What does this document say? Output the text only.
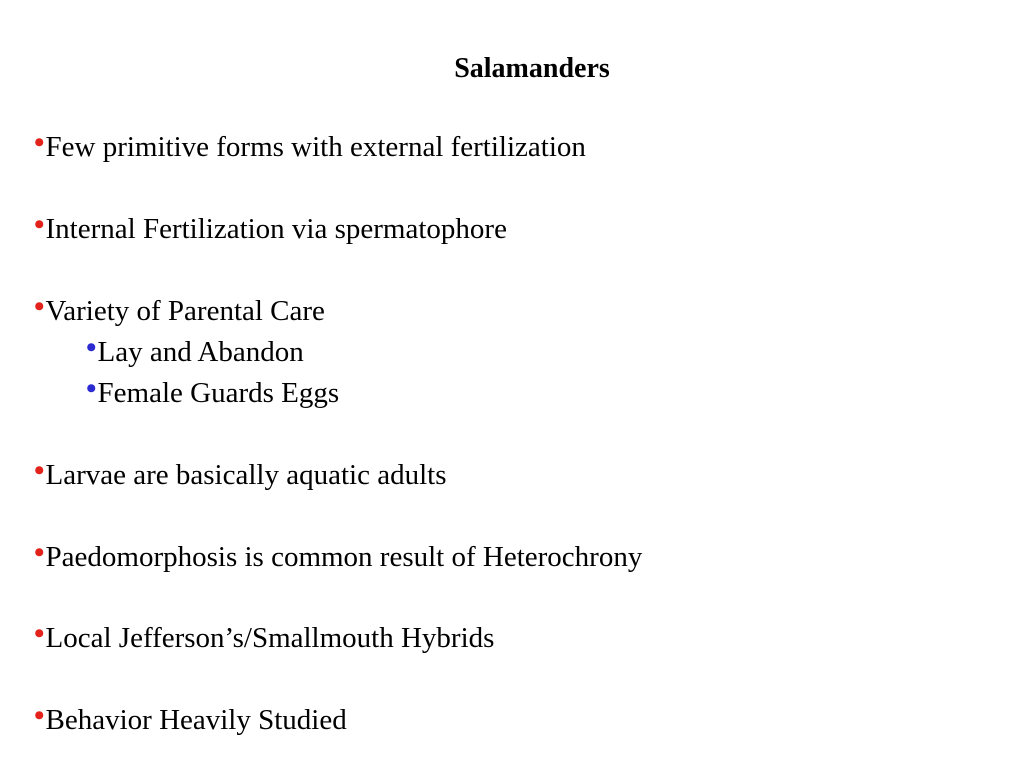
Salamanders
•Few primitive forms with external fertilization
•Internal Fertilization via spermatophore
•Variety of Parental Care
•Lay and Abandon
•Female Guards Eggs
•Larvae are basically aquatic adults
•Paedomorphosis is common result of Heterochrony
•Local Jefferson’s/Smallmouth Hybrids
•Behavior Heavily Studied
